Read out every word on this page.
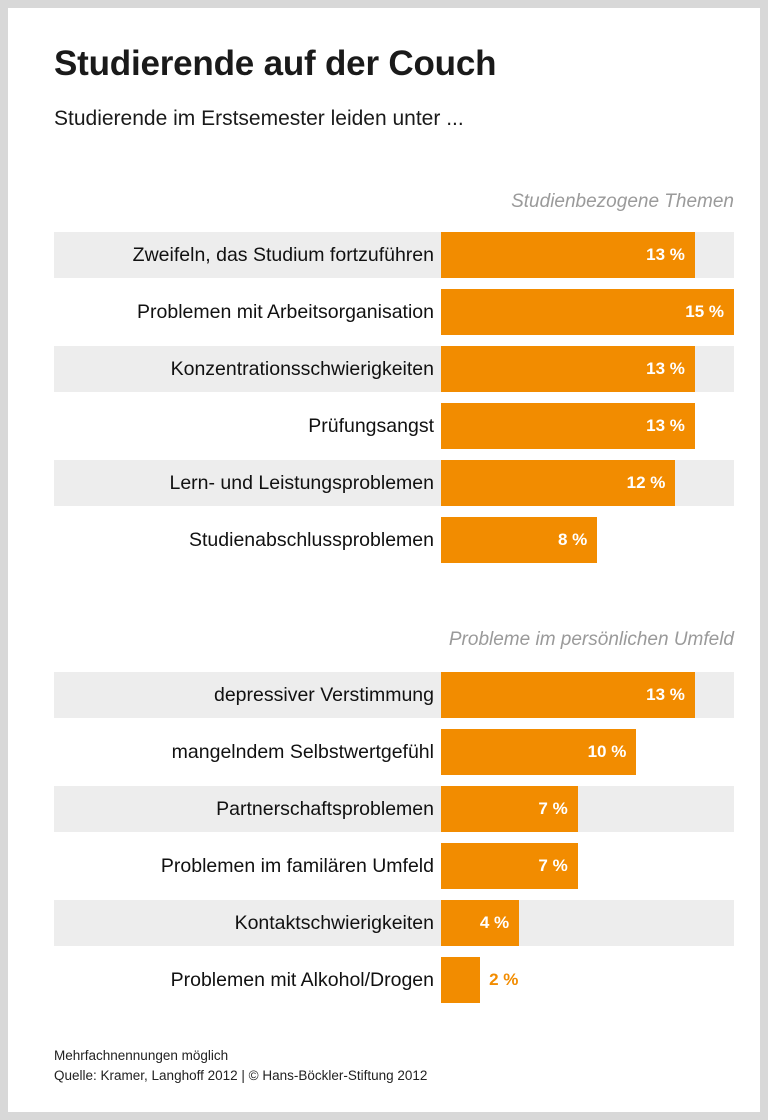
Studierende auf der Couch
Studierende im Erstsemester leiden unter ...
Studienbezogene Themen
Zweifeln, das Studium fortzuführen	13 %
Problemen mit Arbeitsorganisation	15 %
Konzentrationsschwierigkeiten	13 %
Prüfungsangst	13 %
Lern- und Leistungsproblemen	12 %
Studienabschlussproblemen	8 %
Probleme im persönlichen Umfeld
depressiver Verstimmung	13 %
mangelndem Selbstwertgefühl	10 %
Partnerschaftsproblemen	7 %
Problemen im familären Umfeld	7 %
Kontaktschwierigkeiten	4 %
Problemen mit Alkohol/Drogen	2 %
Mehrfachnennungen möglich
Quelle: Kramer, Langhoff 2012 | © Hans-Böckler-Stiftung 2012
